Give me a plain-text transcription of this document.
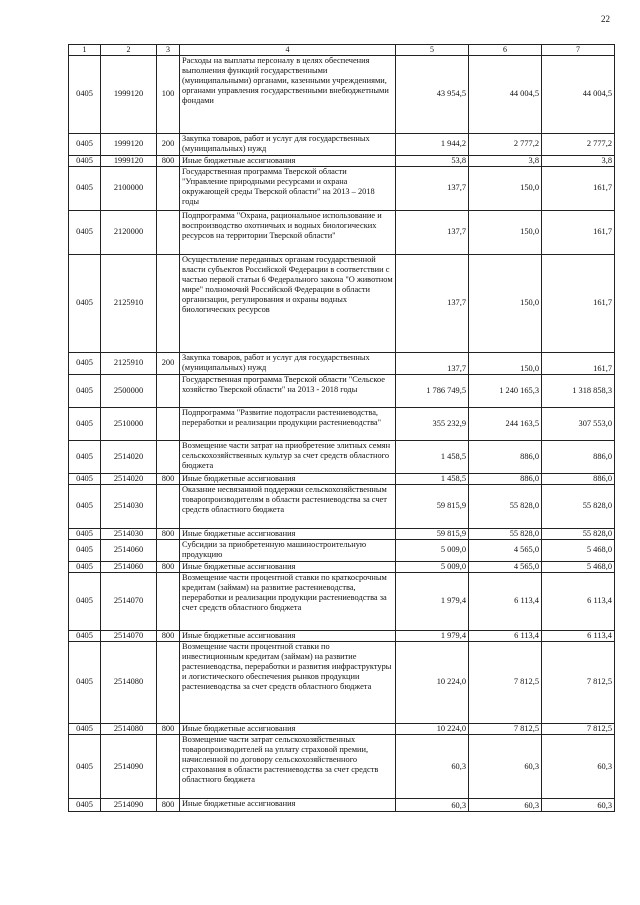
22
1	2	3	4	5	6	7
0405	1999120	100	Расходы на выплаты персоналу в целях обеспечения выполнения функций государственными (муниципальными) органами, казенными учреждениями, органами управления государственными внебюджетными фондами	43 954,5	44 004,5	44 004,5
0405	1999120	200	Закупка товаров, работ и услуг для государственных (муниципальных) нужд	1 944,2	2 777,2	2 777,2
0405	1999120	800	Иные бюджетные ассигнования	53,8	3,8	3,8
0405	2100000		Государственная программа Тверской области "Управление природными ресурсами и охрана окружающей среды Тверской области" на 2013 – 2018 годы	137,7	150,0	161,7
0405	2120000		Подпрограмма "Охрана, рациональное использование и воспроизводство охотничьих и водных биологических ресурсов на территории Тверской области"	137,7	150,0	161,7
0405	2125910		Осуществление переданных органам государственной власти субъектов Российской Федерации в соответствии с частью первой статьи 6 Федерального закона "О животном мире" полномочий Российской Федерации в области организации, регулирования и охраны водных биологических ресурсов	137,7	150,0	161,7
0405	2125910	200	Закупка товаров, работ и услуг для государственных (муниципальных) нужд	137,7	150,0	161,7
0405	2500000		Государственная программа Тверской области "Сельское хозяйство Тверской области" на 2013 - 2018 годы	1 786 749,5	1 240 165,3	1 318 858,3
0405	2510000		Подпрограмма "Развитие подотрасли растениеводства, переработки и реализации продукции растениеводства"	355 232,9	244 163,5	307 553,0
0405	2514020		Возмещение части затрат на приобретение элитных семян сельскохозяйственных культур за счет средств областного бюджета	1 458,5	886,0	886,0
0405	2514020	800	Иные бюджетные ассигнования	1 458,5	886,0	886,0
0405	2514030		Оказание несвязанной поддержки сельскохозяйственным товаропроизводителям в области растениеводства за счет средств областного бюджета	59 815,9	55 828,0	55 828,0
0405	2514030	800	Иные бюджетные ассигнования	59 815,9	55 828,0	55 828,0
0405	2514060		Субсидии за приобретенную машиностроительную продукцию	5 009,0	4 565,0	5 468,0
0405	2514060	800	Иные бюджетные ассигнования	5 009,0	4 565,0	5 468,0
0405	2514070		Возмещение части процентной ставки по краткосрочным кредитам (займам) на развитие растениеводства, переработки и реализации продукции растениеводства за счет средств областного бюджета	1 979,4	6 113,4	6 113,4
0405	2514070	800	Иные бюджетные ассигнования	1 979,4	6 113,4	6 113,4
0405	2514080		Возмещение части процентной ставки по инвестиционным кредитам (займам) на развитие растениеводства, переработки и развития инфраструктуры и логистического обеспечения рынков продукции растениеводства за счет средств областного бюджета	10 224,0	7 812,5	7 812,5
0405	2514080	800	Иные бюджетные ассигнования	10 224,0	7 812,5	7 812,5
0405	2514090		Возмещение части затрат сельскохозяйственных товаропроизводителей на уплату страховой премии, начисленной по договору сельскохозяйственного страхования в области растениеводства за счет средств областного бюджета	60,3	60,3	60,3
0405	2514090	800	Иные бюджетные ассигнования	60,3	60,3	60,3
